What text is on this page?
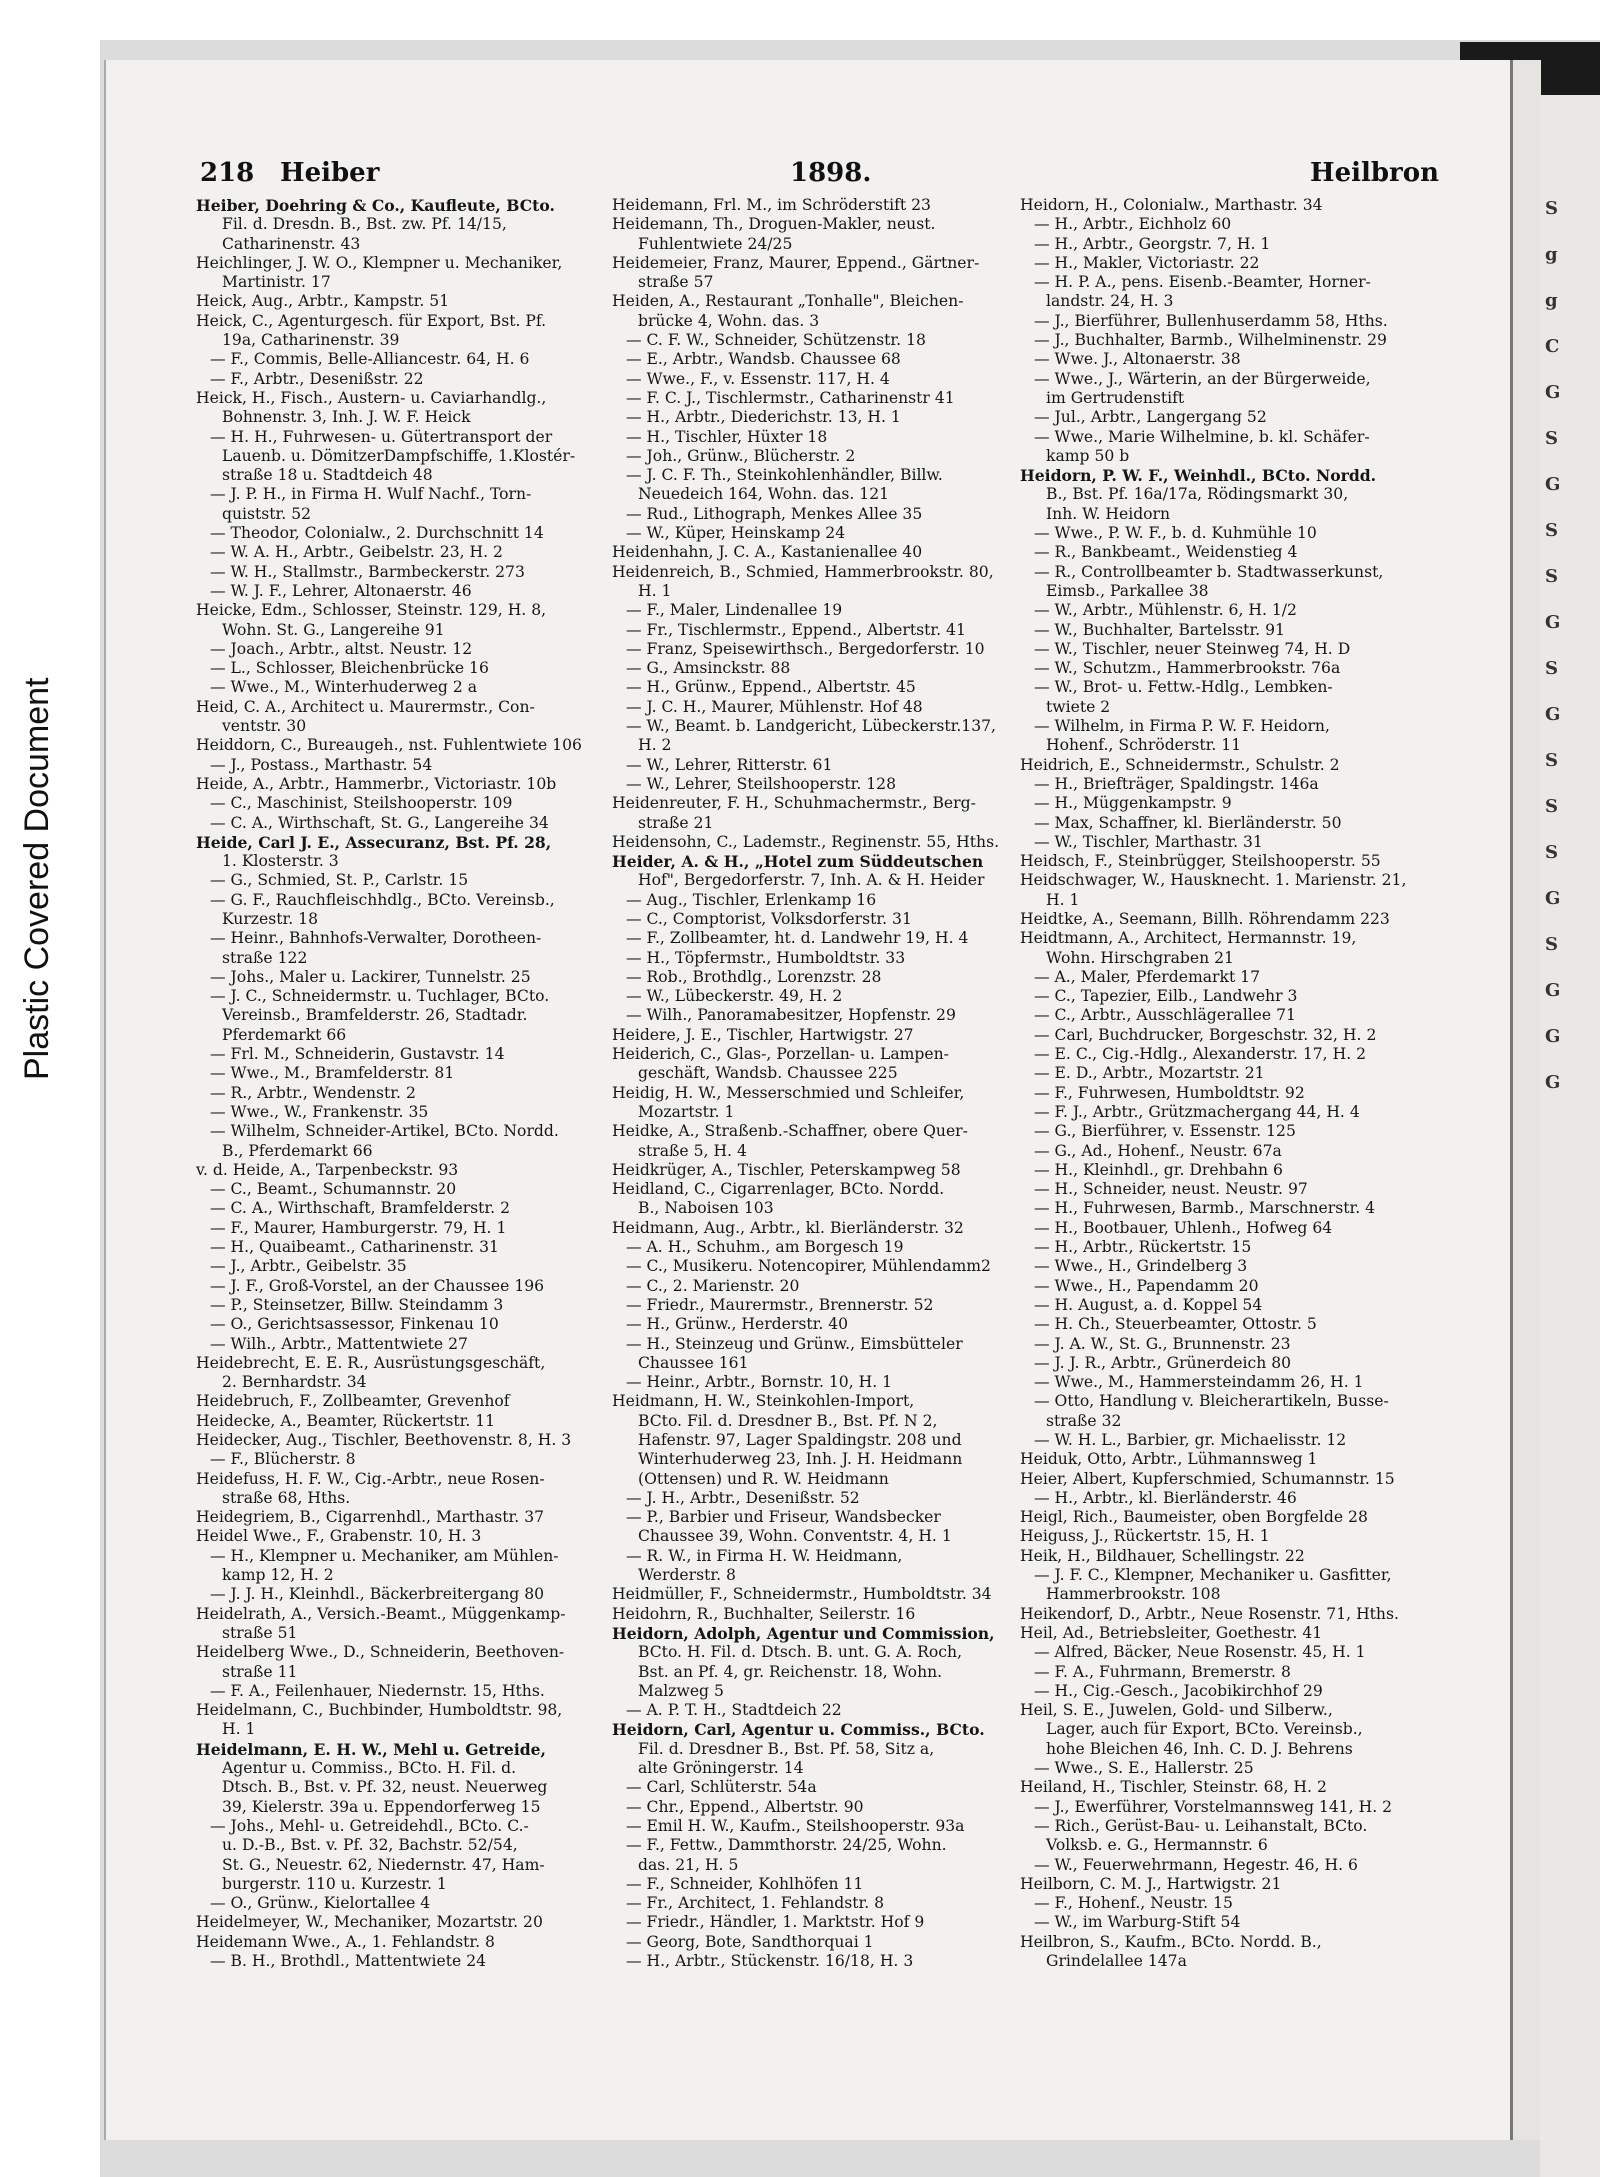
Plastic Covered Document
S
g
g
C
G
S
G
S
S
G
S
G
S
S
S
G
S
G
G
G
218 Heiber	1898.	Heilbron
Heiber, Doehring & Co., Kaufleute, BCto.
Fil. d. Dresdn. B., Bst. zw. Pf. 14/15,
Catharinenstr. 43
Heichlinger, J. W. O., Klempner u. Mechaniker,
Martinistr. 17
Heick, Aug., Arbtr., Kampstr. 51
Heick, C., Agenturgesch. für Export, Bst. Pf.
19a, Catharinenstr. 39
— F., Commis, Belle-Alliancestr. 64, H. 6
— F., Arbtr., Desenißstr. 22
Heick, H., Fisch., Austern- u. Caviarhandlg.,
Bohnenstr. 3, Inh. J. W. F. Heick
— H. H., Fuhrwesen- u. Gütertransport der
Lauenb. u. DömitzerDampfschiffe, 1.Klostér-
straße 18 u. Stadtdeich 48
— J. P. H., in Firma H. Wulf Nachf., Torn-
quiststr. 52
— Theodor, Colonialw., 2. Durchschnitt 14
— W. A. H., Arbtr., Geibelstr. 23, H. 2
— W. H., Stallmstr., Barmbeckerstr. 273
— W. J. F., Lehrer, Altonaerstr. 46
Heicke, Edm., Schlosser, Steinstr. 129, H. 8,
Wohn. St. G., Langereihe 91
— Joach., Arbtr., altst. Neustr. 12
— L., Schlosser, Bleichenbrücke 16
— Wwe., M., Winterhuderweg 2 a
Heid, C. A., Architect u. Maurermstr., Con-
ventstr. 30
Heiddorn, C., Bureaugeh., nst. Fuhlentwiete 106
— J., Postass., Marthastr. 54
Heide, A., Arbtr., Hammerbr., Victoriastr. 10b
— C., Maschinist, Steilshooperstr. 109
— C. A., Wirthschaft, St. G., Langereihe 34
Heide, Carl J. E., Assecuranz, Bst. Pf. 28,
1. Klosterstr. 3
— G., Schmied, St. P., Carlstr. 15
— G. F., Rauchfleischhdlg., BCto. Vereinsb.,
Kurzestr. 18
— Heinr., Bahnhofs-Verwalter, Dorotheen-
straße 122
— Johs., Maler u. Lackirer, Tunnelstr. 25
— J. C., Schneidermstr. u. Tuchlager, BCto.
Vereinsb., Bramfelderstr. 26, Stadtadr.
Pferdemarkt 66
— Frl. M., Schneiderin, Gustavstr. 14
— Wwe., M., Bramfelderstr. 81
— R., Arbtr., Wendenstr. 2
— Wwe., W., Frankenstr. 35
— Wilhelm, Schneider-Artikel, BCto. Nordd.
B., Pferdemarkt 66
v. d. Heide, A., Tarpenbeckstr. 93
— C., Beamt., Schumannstr. 20
— C. A., Wirthschaft, Bramfelderstr. 2
— F., Maurer, Hamburgerstr. 79, H. 1
— H., Quaibeamt., Catharinenstr. 31
— J., Arbtr., Geibelstr. 35
— J. F., Groß-Vorstel, an der Chaussee 196
— P., Steinsetzer, Billw. Steindamm 3
— O., Gerichtsassessor, Finkenau 10
— Wilh., Arbtr., Mattentwiete 27
Heidebrecht, E. E. R., Ausrüstungsgeschäft,
2. Bernhardstr. 34
Heidebruch, F., Zollbeamter, Grevenhof
Heidecke, A., Beamter, Rückertstr. 11
Heidecker, Aug., Tischler, Beethovenstr. 8, H. 3
— F., Blücherstr. 8
Heidefuss, H. F. W., Cig.-Arbtr., neue Rosen-
straße 68, Hths.
Heidegriem, B., Cigarrenhdl., Marthastr. 37
Heidel Wwe., F., Grabenstr. 10, H. 3
— H., Klempner u. Mechaniker, am Mühlen-
kamp 12, H. 2
— J. J. H., Kleinhdl., Bäckerbreitergang 80
Heidelrath, A., Versich.-Beamt., Müggenkamp-
straße 51
Heidelberg Wwe., D., Schneiderin, Beethoven-
straße 11
— F. A., Feilenhauer, Niedernstr. 15, Hths.
Heidelmann, C., Buchbinder, Humboldtstr. 98,
H. 1
Heidelmann, E. H. W., Mehl u. Getreide,
Agentur u. Commiss., BCto. H. Fil. d.
Dtsch. B., Bst. v. Pf. 32, neust. Neuerweg
39, Kielerstr. 39a u. Eppendorferweg 15
— Johs., Mehl- u. Getreidehdl., BCto. C.-
u. D.-B., Bst. v. Pf. 32, Bachstr. 52/54,
St. G., Neuestr. 62, Niedernstr. 47, Ham-
burgerstr. 110 u. Kurzestr. 1
— O., Grünw., Kielortallee 4
Heidelmeyer, W., Mechaniker, Mozartstr. 20
Heidemann Wwe., A., 1. Fehlandstr. 8
— B. H., Brothdl., Mattentwiete 24
Heidemann, Frl. M., im Schröderstift 23
Heidemann, Th., Droguen-Makler, neust.
Fuhlentwiete 24/25
Heidemeier, Franz, Maurer, Eppend., Gärtner-
straße 57
Heiden, A., Restaurant „Tonhalle", Bleichen-
brücke 4, Wohn. das. 3
— C. F. W., Schneider, Schützenstr. 18
— E., Arbtr., Wandsb. Chaussee 68
— Wwe., F., v. Essenstr. 117, H. 4
— F. C. J., Tischlermstr., Catharinenstr 41
— H., Arbtr., Diederichstr. 13, H. 1
— H., Tischler, Hüxter 18
— Joh., Grünw., Blücherstr. 2
— J. C. F. Th., Steinkohlenhändler, Billw.
Neuedeich 164, Wohn. das. 121
— Rud., Lithograph, Menkes Allee 35
— W., Küper, Heinskamp 24
Heidenhahn, J. C. A., Kastanienallee 40
Heidenreich, B., Schmied, Hammerbrookstr. 80,
H. 1
— F., Maler, Lindenallee 19
— Fr., Tischlermstr., Eppend., Albertstr. 41
— Franz, Speisewirthsch., Bergedorferstr. 10
— G., Amsinckstr. 88
— H., Grünw., Eppend., Albertstr. 45
— J. C. H., Maurer, Mühlenstr. Hof 48
— W., Beamt. b. Landgericht, Lübeckerstr.137,
H. 2
— W., Lehrer, Ritterstr. 61
— W., Lehrer, Steilshooperstr. 128
Heidenreuter, F. H., Schuhmachermstr., Berg-
straße 21
Heidensohn, C., Lademstr., Reginenstr. 55, Hths.
Heider, A. & H., „Hotel zum Süddeutschen
Hof", Bergedorferstr. 7, Inh. A. & H. Heider
— Aug., Tischler, Erlenkamp 16
— C., Comptorist, Volksdorferstr. 31
— F., Zollbeamter, ht. d. Landwehr 19, H. 4
— H., Töpfermstr., Humboldtstr. 33
— Rob., Brothdlg., Lorenzstr. 28
— W., Lübeckerstr. 49, H. 2
— Wilh., Panoramabesitzer, Hopfenstr. 29
Heidere, J. E., Tischler, Hartwigstr. 27
Heiderich, C., Glas-, Porzellan- u. Lampen-
geschäft, Wandsb. Chaussee 225
Heidig, H. W., Messerschmied und Schleifer,
Mozartstr. 1
Heidke, A., Straßenb.-Schaffner, obere Quer-
straße 5, H. 4
Heidkrüger, A., Tischler, Peterskampweg 58
Heidland, C., Cigarrenlager, BCto. Nordd.
B., Naboisen 103
Heidmann, Aug., Arbtr., kl. Bierländerstr. 32
— A. H., Schuhm., am Borgesch 19
— C., Musikeru. Notencopirer, Mühlendamm2
— C., 2. Marienstr. 20
— Friedr., Maurermstr., Brennerstr. 52
— H., Grünw., Herderstr. 40
— H., Steinzeug und Grünw., Eimsbütteler
Chaussee 161
— Heinr., Arbtr., Bornstr. 10, H. 1
Heidmann, H. W., Steinkohlen-Import,
BCto. Fil. d. Dresdner B., Bst. Pf. N 2,
Hafenstr. 97, Lager Spaldingstr. 208 und
Winterhuderweg 23, Inh. J. H. Heidmann
(Ottensen) und R. W. Heidmann
— J. H., Arbtr., Desenißstr. 52
— P., Barbier und Friseur, Wandsbecker
Chaussee 39, Wohn. Conventstr. 4, H. 1
— R. W., in Firma H. W. Heidmann,
Werderstr. 8
Heidmüller, F., Schneidermstr., Humboldtstr. 34
Heidohrn, R., Buchhalter, Seilerstr. 16
Heidorn, Adolph, Agentur und Commission,
BCto. H. Fil. d. Dtsch. B. unt. G. A. Roch,
Bst. an Pf. 4, gr. Reichenstr. 18, Wohn.
Malzweg 5
— A. P. T. H., Stadtdeich 22
Heidorn, Carl, Agentur u. Commiss., BCto.
Fil. d. Dresdner B., Bst. Pf. 58, Sitz a,
alte Gröningerstr. 14
— Carl, Schlüterstr. 54a
— Chr., Eppend., Albertstr. 90
— Emil H. W., Kaufm., Steilshooperstr. 93a
— F., Fettw., Dammthorstr. 24/25, Wohn.
das. 21, H. 5
— F., Schneider, Kohlhöfen 11
— Fr., Architect, 1. Fehlandstr. 8
— Friedr., Händler, 1. Marktstr. Hof 9
— Georg, Bote, Sandthorquai 1
— H., Arbtr., Stückenstr. 16/18, H. 3
Heidorn, H., Colonialw., Marthastr. 34
— H., Arbtr., Eichholz 60
— H., Arbtr., Georgstr. 7, H. 1
— H., Makler, Victoriastr. 22
— H. P. A., pens. Eisenb.-Beamter, Horner-
landstr. 24, H. 3
— J., Bierführer, Bullenhuserdamm 58, Hths.
— J., Buchhalter, Barmb., Wilhelminenstr. 29
— Wwe. J., Altonaerstr. 38
— Wwe., J., Wärterin, an der Bürgerweide,
im Gertrudenstift
— Jul., Arbtr., Langergang 52
— Wwe., Marie Wilhelmine, b. kl. Schäfer-
kamp 50 b
Heidorn, P. W. F., Weinhdl., BCto. Nordd.
B., Bst. Pf. 16a/17a, Rödingsmarkt 30,
Inh. W. Heidorn
— Wwe., P. W. F., b. d. Kuhmühle 10
— R., Bankbeamt., Weidenstieg 4
— R., Controllbeamter b. Stadtwasserkunst,
Eimsb., Parkallee 38
— W., Arbtr., Mühlenstr. 6, H. 1/2
— W., Buchhalter, Bartelsstr. 91
— W., Tischler, neuer Steinweg 74, H. D
— W., Schutzm., Hammerbrookstr. 76a
— W., Brot- u. Fettw.-Hdlg., Lembken-
twiete 2
— Wilhelm, in Firma P. W. F. Heidorn,
Hohenf., Schröderstr. 11
Heidrich, E., Schneidermstr., Schulstr. 2
— H., Briefträger, Spaldingstr. 146a
— H., Müggenkampstr. 9
— Max, Schaffner, kl. Bierländerstr. 50
— W., Tischler, Marthastr. 31
Heidsch, F., Steinbrügger, Steilshooperstr. 55
Heidschwager, W., Hausknecht. 1. Marienstr. 21,
H. 1
Heidtke, A., Seemann, Billh. Röhrendamm 223
Heidtmann, A., Architect, Hermannstr. 19,
Wohn. Hirschgraben 21
— A., Maler, Pferdemarkt 17
— C., Tapezier, Eilb., Landwehr 3
— C., Arbtr., Ausschlägerallee 71
— Carl, Buchdrucker, Borgeschstr. 32, H. 2
— E. C., Cig.-Hdlg., Alexanderstr. 17, H. 2
— E. D., Arbtr., Mozartstr. 21
— F., Fuhrwesen, Humboldtstr. 92
— F. J., Arbtr., Grützmachergang 44, H. 4
— G., Bierführer, v. Essenstr. 125
— G., Ad., Hohenf., Neustr. 67a
— H., Kleinhdl., gr. Drehbahn 6
— H., Schneider, neust. Neustr. 97
— H., Fuhrwesen, Barmb., Marschnerstr. 4
— H., Bootbauer, Uhlenh., Hofweg 64
— H., Arbtr., Rückertstr. 15
— Wwe., H., Grindelberg 3
— Wwe., H., Papendamm 20
— H. August, a. d. Koppel 54
— H. Ch., Steuerbeamter, Ottostr. 5
— J. A. W., St. G., Brunnenstr. 23
— J. J. R., Arbtr., Grünerdeich 80
— Wwe., M., Hammersteindamm 26, H. 1
— Otto, Handlung v. Bleicherartikeln, Busse-
straße 32
— W. H. L., Barbier, gr. Michaelisstr. 12
Heiduk, Otto, Arbtr., Lühmannsweg 1
Heier, Albert, Kupferschmied, Schumannstr. 15
— H., Arbtr., kl. Bierländerstr. 46
Heigl, Rich., Baumeister, oben Borgfelde 28
Heiguss, J., Rückertstr. 15, H. 1
Heik, H., Bildhauer, Schellingstr. 22
— J. F. C., Klempner, Mechaniker u. Gasfitter,
Hammerbrookstr. 108
Heikendorf, D., Arbtr., Neue Rosenstr. 71, Hths.
Heil, Ad., Betriebsleiter, Goethestr. 41
— Alfred, Bäcker, Neue Rosenstr. 45, H. 1
— F. A., Fuhrmann, Bremerstr. 8
— H., Cig.-Gesch., Jacobikirchhof 29
Heil, S. E., Juwelen, Gold- und Silberw.,
Lager, auch für Export, BCto. Vereinsb.,
hohe Bleichen 46, Inh. C. D. J. Behrens
— Wwe., S. E., Hallerstr. 25
Heiland, H., Tischler, Steinstr. 68, H. 2
— J., Ewerführer, Vorstelmannsweg 141, H. 2
— Rich., Gerüst-Bau- u. Leihanstalt, BCto.
Volksb. e. G., Hermannstr. 6
— W., Feuerwehrmann, Hegestr. 46, H. 6
Heilborn, C. M. J., Hartwigstr. 21
— F., Hohenf., Neustr. 15
— W., im Warburg-Stift 54
Heilbron, S., Kaufm., BCto. Nordd. B.,
Grindelallee 147a
